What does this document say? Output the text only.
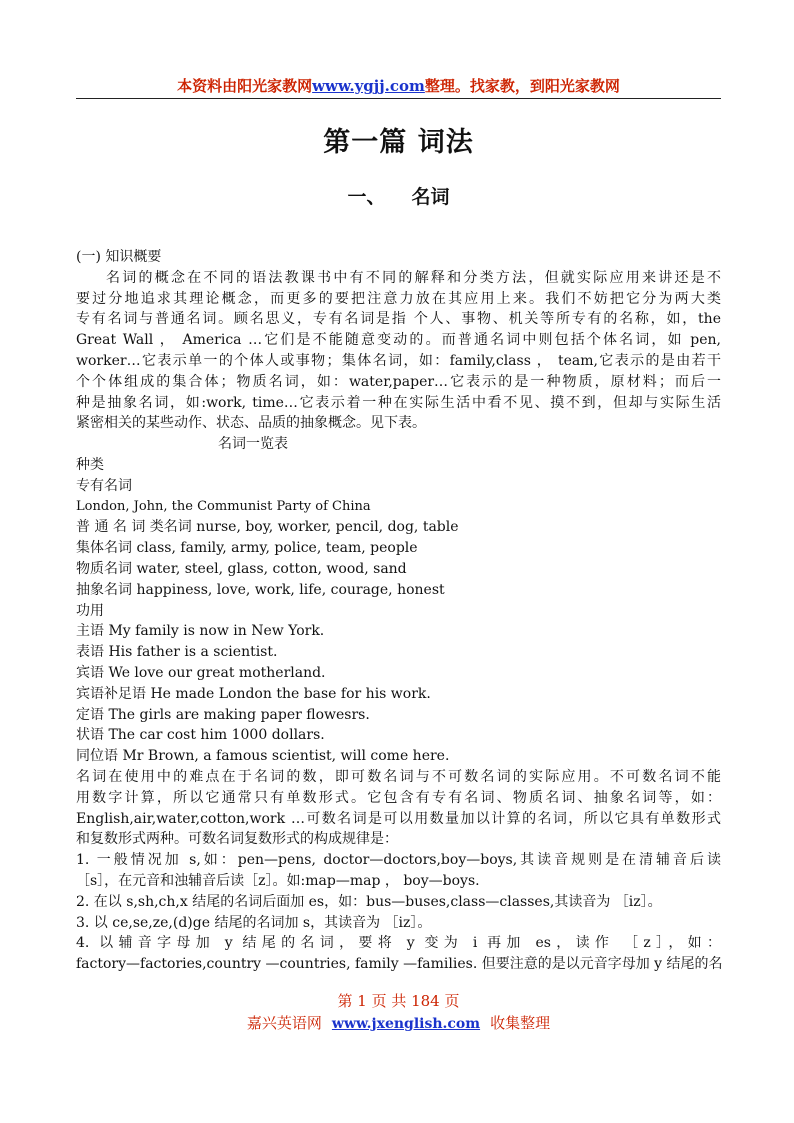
本资料由阳光家教网www.ygjj.com整理。找家教，到阳光家教网
第一篇 词法
一、 名词
(一) 知识概要
名词的概念在不同的语法教课书中有不同的解释和分类方法，但就实际应用来讲还是不
要过分地追求其理论概念，而更多的要把注意力放在其应用上来。我们不妨把它分为两大类
专有名词与普通名词。顾名思义，专有名词是指 个人、事物、机关等所专有的名称，如，the
Great Wall ， America …它们是不能随意变动的。而普通名词中则包括个体名词，如 pen,
worker…它表示单一的个体人或事物；集体名词，如：family,class ， team,它表示的是由若干
个个体组成的集合体；物质名词，如：water,paper…它表示的是一种物质，原材料；而后一
种是抽象名词，如:work, time…它表示着一种在实际生活中看不见、摸不到，但却与实际生活
紧密相关的某些动作、状态、品质的抽象概念。见下表。
名词一览表
种类
专有名词
London, John, the Communist Party of China
普 通 名 词 类名词 nurse, boy, worker, pencil, dog, table
集体名词 class, family, army, police, team, people
物质名词 water, steel, glass, cotton, wood, sand
抽象名词 happiness, love, work, life, courage, honest
功用
主语 My family is now in New York.
表语 His father is a scientist.
宾语 We love our great motherland.
宾语补足语 He made London the base for his work.
定语 The girls are making paper flowesrs.
状语 The car cost him 1000 dollars.
同位语 Mr Brown, a famous scientist, will come here.
名词在使用中的难点在于名词的数，即可数名词与不可数名词的实际应用。不可数名词不能
用数字计算，所以它通常只有单数形式。它包含有专有名词、物质名词、抽象名词等，如：
English,air,water,cotton,work …可数名词是可以用数量加以计算的名词，所以它具有单数形式
和复数形式两种。可数名词复数形式的构成规律是：
1. 一般情况加 s,如：pen—pens, doctor—doctors,boy—boys,其读音规则是在清辅音后读
［s］，在元音和浊辅音后读［z］。如:map—map ， boy—boys.
2. 在以 s,sh,ch,x 结尾的名词后面加 es，如：bus—buses,class—classes,其读音为 ［iz］。
3. 以 ce,se,ze,(d)ge 结尾的名词加 s，其读音为 ［iz］。
4. 以辅音字母加 y 结尾的名词，要将 y 变为 i 再加 es，读作 ［z］，如：
factory—factories,country —countries, family —families. 但要注意的是以元音字母加 y 结尾的名
第 1 页 共 184 页
嘉兴英语网 www.jxenglish.com 收集整理
